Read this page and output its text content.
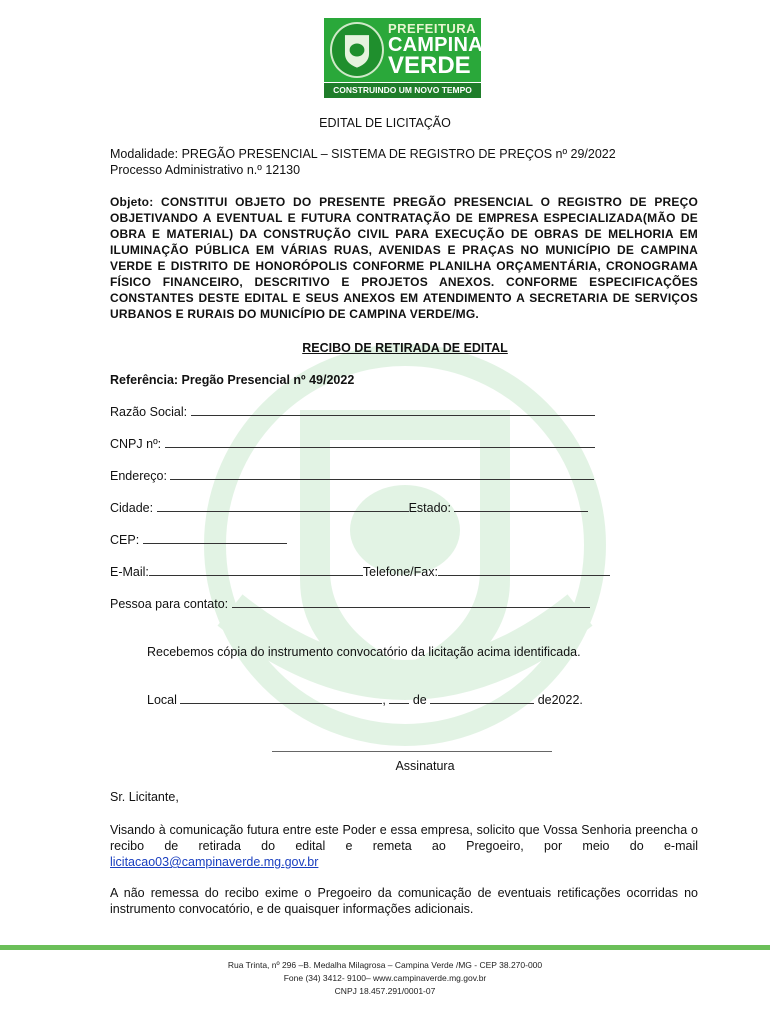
PREFEITURA
CAMPINA
VERDE
CONSTRUINDO UM NOVO TEMPO
EDITAL DE LICITAÇÃO
Modalidade: PREGÃO PRESENCIAL – SISTEMA DE REGISTRO DE PREÇOS nº 29/2022
Processo Administrativo n.º 12130
Objeto: CONSTITUI OBJETO DO PRESENTE PREGÃO PRESENCIAL O REGISTRO DE PREÇO OBJETIVANDO A EVENTUAL E FUTURA CONTRATAÇÃO DE EMPRESA ESPECIALIZADA(MÃO DE OBRA E MATERIAL) DA CONSTRUÇÃO CIVIL PARA EXECUÇÃO DE OBRAS DE MELHORIA EM ILUMINAÇÃO PÚBLICA EM VÁRIAS RUAS, AVENIDAS E PRAÇAS NO MUNICÍPIO DE CAMPINA VERDE E DISTRITO DE HONORÓPOLIS CONFORME PLANILHA ORÇAMENTÁRIA, CRONOGRAMA FÍSICO FINANCEIRO, DESCRITIVO E PROJETOS ANEXOS. CONFORME ESPECIFICAÇÕES CONSTANTES DESTE EDITAL E SEUS ANEXOS EM ATENDIMENTO A SECRETARIA DE SERVIÇOS URBANOS E RURAIS DO MUNICÍPIO DE CAMPINA VERDE/MG.
RECIBO DE RETIRADA DE EDITAL
Referência: Pregão Presencial nº 49/2022
Razão Social:
CNPJ nº:
Endereço:
Cidade:	Estado:
CEP:
E-Mail:	Telefone/Fax:
Pessoa para contato:
Recebemos cópia do instrumento convocatório da licitação acima identificada.
Local	, de	de2022.
Assinatura
Sr. Licitante,
Visando à comunicação futura entre este Poder e essa empresa, solicito que Vossa Senhoria preencha o recibo de retirada do edital e remeta ao Pregoeiro, por meio do e-mail licitacao03@campinaverde.mg.gov.br
A não remessa do recibo exime o Pregoeiro da comunicação de eventuais retificações ocorridas no instrumento convocatório, e de quaisquer informações adicionais.
Rua Trinta, nº 296 –B. Medalha Milagrosa – Campina Verde /MG - CEP 38.270-000
Fone (34) 3412- 9100– www.campinaverde.mg.gov.br
CNPJ 18.457.291/0001-07
